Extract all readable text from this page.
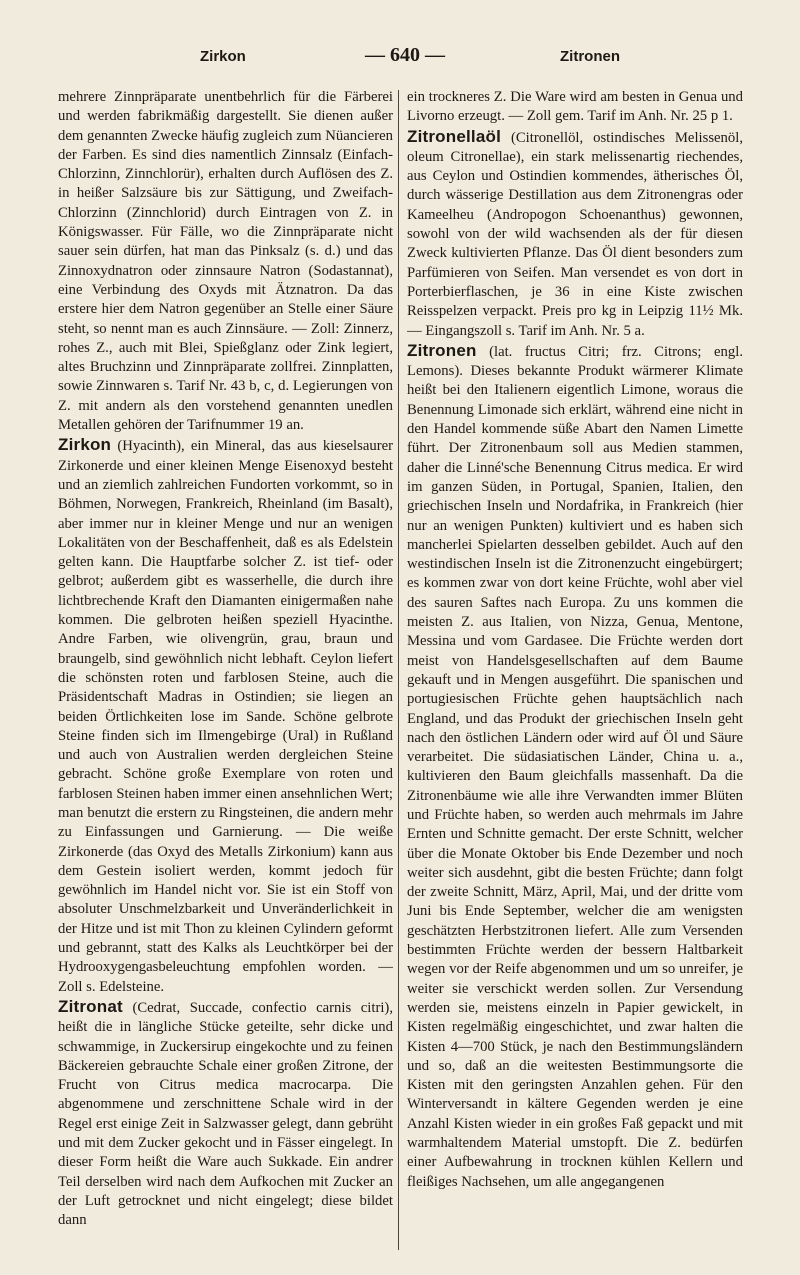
Zirkon	— 640 —	Zitronen

mehrere Zinnpräparate unentbehrlich für die Färberei und werden fabrikmäßig dargestellt. Sie dienen außer dem genannten Zwecke häufig zugleich zum Nüancieren der Farben. Es sind dies namentlich Zinnsalz (Einfach-Chlorzinn, Zinnchlorür), erhalten durch Auflösen des Z. in heißer Salzsäure bis zur Sättigung, und Zweifach-Chlorzinn (Zinnchlorid) durch Eintragen von Z. in Königswasser. Für Fälle, wo die Zinnpräparate nicht sauer sein dürfen, hat man das Pinksalz (s. d.) und das Zinnoxydnatron oder zinnsaure Natron (Sodastannat), eine Verbindung des Oxyds mit Ätznatron. Da das erstere hier dem Natron gegenüber an Stelle einer Säure steht, so nennt man es auch Zinnsäure. — Zoll: Zinnerz, rohes Z., auch mit Blei, Spießglanz oder Zink legiert, altes Bruchzinn und Zinnpräparate zollfrei. Zinnplatten, sowie Zinnwaren s. Tarif Nr. 43 b, c, d. Legierungen von Z. mit andern als den vorstehend genannten unedlen Metallen gehören der Tarifnummer 19 an.

Zirkon (Hyacinth), ein Mineral, das aus kieselsaurer Zirkonerde und einer kleinen Menge Eisenoxyd besteht und an ziemlich zahlreichen Fundorten vorkommt, so in Böhmen, Norwegen, Frankreich, Rheinland (im Basalt), aber immer nur in kleiner Menge und nur an wenigen Lokalitäten von der Beschaffenheit, daß es als Edelstein gelten kann. Die Hauptfarbe solcher Z. ist tief- oder gelbrot; außerdem gibt es wasserhelle, die durch ihre lichtbrechende Kraft den Diamanten einigermaßen nahe kommen. Die gelbroten heißen speziell Hyacinthe. Andre Farben, wie olivengrün, grau, braun und braungelb, sind gewöhnlich nicht lebhaft. Ceylon liefert die schönsten roten und farblosen Steine, auch die Präsidentschaft Madras in Ostindien; sie liegen an beiden Örtlichkeiten lose im Sande. Schöne gelbrote Steine finden sich im Ilmengebirge (Ural) in Rußland und auch von Australien werden dergleichen Steine gebracht. Schöne große Exemplare von roten und farblosen Steinen haben immer einen ansehnlichen Wert; man benutzt die erstern zu Ringsteinen, die andern mehr zu Einfassungen und Garnierung. — Die weiße Zirkonerde (das Oxyd des Metalls Zirkonium) kann aus dem Gestein isoliert werden, kommt jedoch für gewöhnlich im Handel nicht vor. Sie ist ein Stoff von absoluter Unschmelzbarkeit und Unveränderlichkeit in der Hitze und ist mit Thon zu kleinen Cylindern geformt und gebrannt, statt des Kalks als Leuchtkörper bei der Hydrooxygengasbeleuchtung empfohlen worden. — Zoll s. Edelsteine.

Zitronat (Cedrat, Succade, confectio carnis citri), heißt die in längliche Stücke geteilte, sehr dicke und schwammige, in Zuckersirup eingekochte und zu feinen Bäckereien gebrauchte Schale einer großen Zitrone, der Frucht von Citrus medica macrocarpa. Die abgenommene und zerschnittene Schale wird in der Regel erst einige Zeit in Salzwasser gelegt, dann gebrüht und mit dem Zucker gekocht und in Fässer eingelegt. In dieser Form heißt die Ware auch Sukkade. Ein andrer Teil derselben wird nach dem Aufkochen mit Zucker an der Luft getrocknet und nicht eingelegt; diese bildet dann

ein trockneres Z. Die Ware wird am besten in Genua und Livorno erzeugt. — Zoll gem. Tarif im Anh. Nr. 25 p 1.

Zitronellaöl (Citronellöl, ostindisches Melissenöl, oleum Citronellae), ein stark melissenartig riechendes, aus Ceylon und Ostindien kommendes, ätherisches Öl, durch wässerige Destillation aus dem Zitronengras oder Kameelheu (Andropogon Schoenanthus) gewonnen, sowohl von der wild wachsenden als der für diesen Zweck kultivierten Pflanze. Das Öl dient besonders zum Parfümieren von Seifen. Man versendet es von dort in Porterbierflaschen, je 36 in eine Kiste zwischen Reisspelzen verpackt. Preis pro kg in Leipzig 11½ Mk. — Eingangszoll s. Tarif im Anh. Nr. 5 a.

Zitronen (lat. fructus Citri; frz. Citrons; engl. Lemons). Dieses bekannte Produkt wärmerer Klimate heißt bei den Italienern eigentlich Limone, woraus die Benennung Limonade sich erklärt, während eine nicht in den Handel kommende süße Abart den Namen Limette führt. Der Zitronenbaum soll aus Medien stammen, daher die Linné'sche Benennung Citrus medica. Er wird im ganzen Süden, in Portugal, Spanien, Italien, den griechischen Inseln und Nordafrika, in Frankreich (hier nur an wenigen Punkten) kultiviert und es haben sich mancherlei Spielarten desselben gebildet. Auch auf den westindischen Inseln ist die Zitronenzucht eingebürgert; es kommen zwar von dort keine Früchte, wohl aber viel des sauren Saftes nach Europa. Zu uns kommen die meisten Z. aus Italien, von Nizza, Genua, Mentone, Messina und vom Gardasee. Die Früchte werden dort meist von Handelsgesellschaften auf dem Baume gekauft und in Mengen ausgeführt. Die spanischen und portugiesischen Früchte gehen hauptsächlich nach England, und das Produkt der griechischen Inseln geht nach den östlichen Ländern oder wird auf Öl und Säure verarbeitet. Die südasiatischen Länder, China u. a., kultivieren den Baum gleichfalls massenhaft. Da die Zitronenbäume wie alle ihre Verwandten immer Blüten und Früchte haben, so werden auch mehrmals im Jahre Ernten und Schnitte gemacht. Der erste Schnitt, welcher über die Monate Oktober bis Ende Dezember und noch weiter sich ausdehnt, gibt die besten Früchte; dann folgt der zweite Schnitt, März, April, Mai, und der dritte vom Juni bis Ende September, welcher die am wenigsten geschätzten Herbstzitronen liefert. Alle zum Versenden bestimmten Früchte werden der bessern Haltbarkeit wegen vor der Reife abgenommen und um so unreifer, je weiter sie verschickt werden sollen. Zur Versendung werden sie, meistens einzeln in Papier gewickelt, in Kisten regelmäßig eingeschichtet, und zwar halten die Kisten 4—700 Stück, je nach den Bestimmungsländern und so, daß an die weitesten Bestimmungsorte die Kisten mit den geringsten Anzahlen gehen. Für den Winterversandt in kältere Gegenden werden je eine Anzahl Kisten wieder in ein großes Faß gepackt und mit warmhaltendem Material umstopft. Die Z. bedürfen einer Aufbewahrung in trocknen kühlen Kellern und fleißiges Nachsehen, um alle angegangenen
